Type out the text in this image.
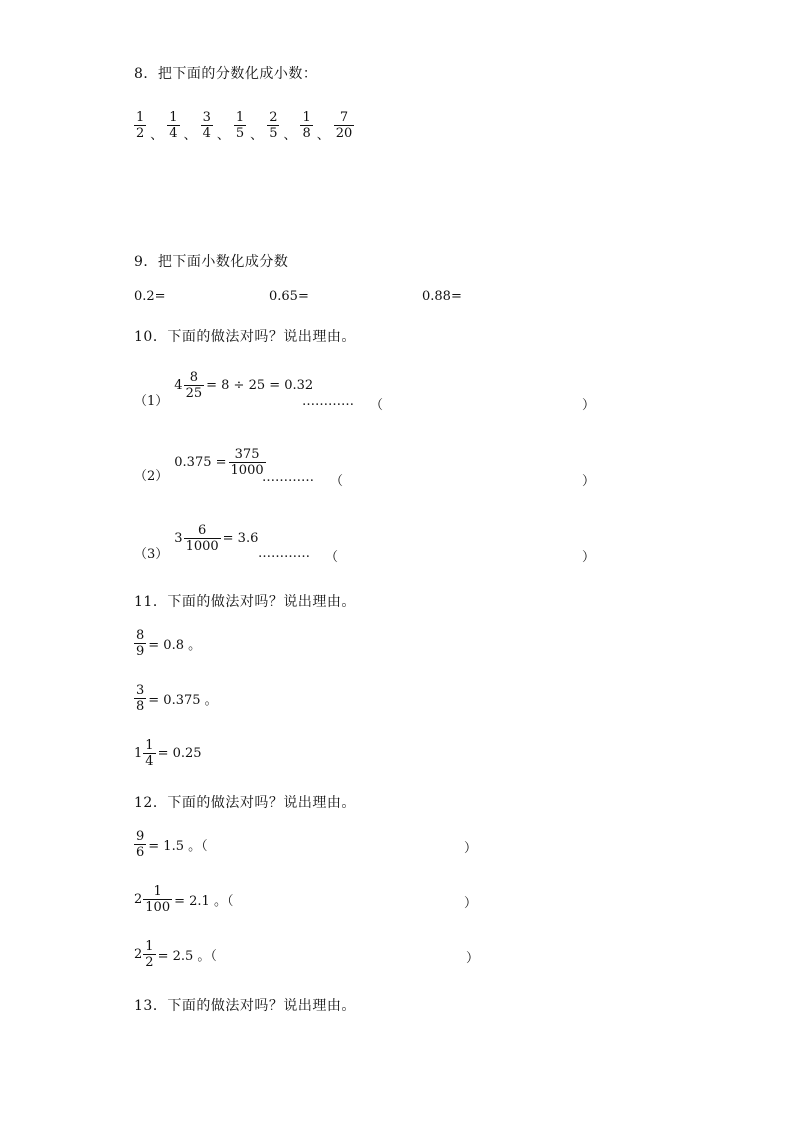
8．把下面的分数化成小数：
$\frac{1}{2}$ 、 $\frac{1}{4}$ 、 $\frac{3}{4}$ 、 $\frac{1}{5}$ 、 $\frac{2}{5}$ 、 $\frac{1}{8}$ 、 $\frac{7}{20}$
9．把下面小数化成分数
0.2=	0.65=	0.88=
10．下面的做法对吗？说出理由。
（1）
$4 \frac{8}{25} = 8 \div 25 = 0.32$
………… （	）
（2）
$0.375 = \frac{375}{1000}$
………… （	）
（3）
$3 \frac{6}{1000} = 3.6$
………… （	）
11．下面的做法对吗？说出理由。
$\frac{8}{9} = 0.8$ 。
$\frac{3}{8} = 0.375$ 。
$1 \frac{1}{4} = 0.25$
12．下面的做法对吗？说出理由。
$\frac{9}{6} = 1.5$ 。（	）
$2 \frac{1}{100} = 2.1$ 。（	）
$2 \frac{1}{2} = 2.5$ 。（	）
13．下面的做法对吗？说出理由。
